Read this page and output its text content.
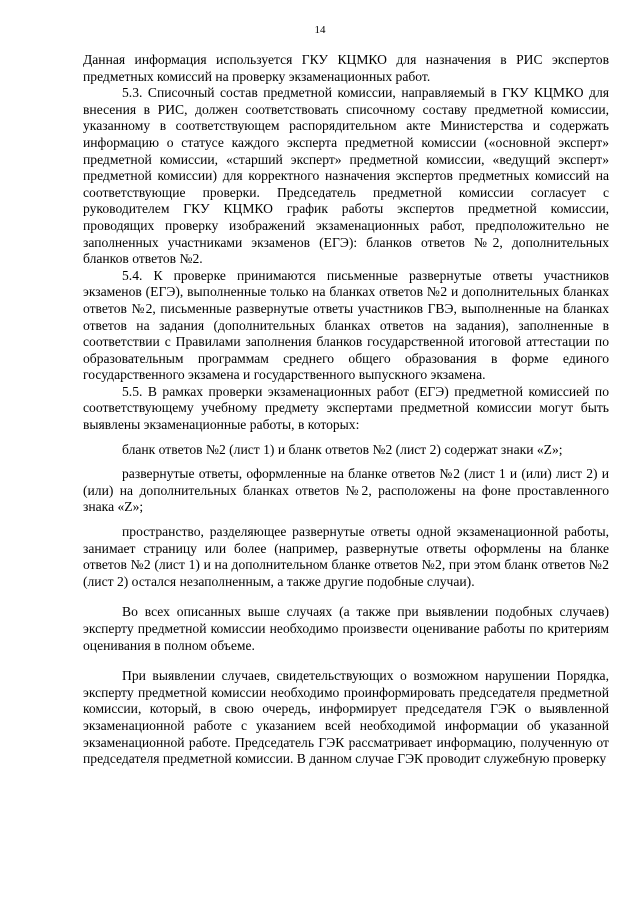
14

Данная информация используется ГКУ КЦМКО для назначения в РИС экспертов предметных комиссий на проверку экзаменационных работ.

5.3. Списочный состав предметной комиссии, направляемый в ГКУ КЦМКО для внесения в РИС, должен соответствовать списочному составу предметной комиссии, указанному в соответствующем распорядительном акте Министерства и содержать информацию о статусе каждого эксперта предметной комиссии («основной эксперт» предметной комиссии, «старший эксперт» предметной комиссии, «ведущий эксперт» предметной комиссии) для корректного назначения экспертов предметных комиссий на соответствующие проверки. Председатель предметной комиссии согласует с руководителем ГКУ КЦМКО график работы экспертов предметной комиссии, проводящих проверку изображений экзаменационных работ, предположительно не заполненных участниками экзаменов (ЕГЭ): бланков ответов №2, дополнительных бланков ответов №2.

5.4. К проверке принимаются письменные развернутые ответы участников экзаменов (ЕГЭ), выполненные только на бланках ответов №2 и дополнительных бланках ответов №2, письменные развернутые ответы участников ГВЭ, выполненные на бланках ответов на задания (дополнительных бланках ответов на задания), заполненные в соответствии с Правилами заполнения бланков государственной итоговой аттестации по образовательным программам среднего общего образования в форме единого государственного экзамена и государственного выпускного экзамена.

5.5. В рамках проверки экзаменационных работ (ЕГЭ) предметной комиссией по соответствующему учебному предмету экспертами предметной комиссии могут быть выявлены экзаменационные работы, в которых:

бланк ответов №2 (лист 1) и бланк ответов №2 (лист 2) содержат знаки «Z»;

развернутые ответы, оформленные на бланке ответов №2 (лист 1 и (или) лист 2) и (или) на дополнительных бланках ответов №2, расположены на фоне проставленного знака «Z»;

пространство, разделяющее развернутые ответы одной экзаменационной работы, занимает страницу или более (например, развернутые ответы оформлены на бланке ответов №2 (лист 1) и на дополнительном бланке ответов №2, при этом бланк ответов №2 (лист 2) остался незаполненным, а также другие подобные случаи).

Во всех описанных выше случаях (а также при выявлении подобных случаев) эксперту предметной комиссии необходимо произвести оценивание работы по критериям оценивания в полном объеме.

При выявлении случаев, свидетельствующих о возможном нарушении Порядка, эксперту предметной комиссии необходимо проинформировать председателя предметной комиссии, который, в свою очередь, информирует председателя ГЭК о выявленной экзаменационной работе с указанием всей необходимой информации об указанной экзаменационной работе. Председатель ГЭК рассматривает информацию, полученную от председателя предметной комиссии. В данном случае ГЭК проводит служебную проверку
